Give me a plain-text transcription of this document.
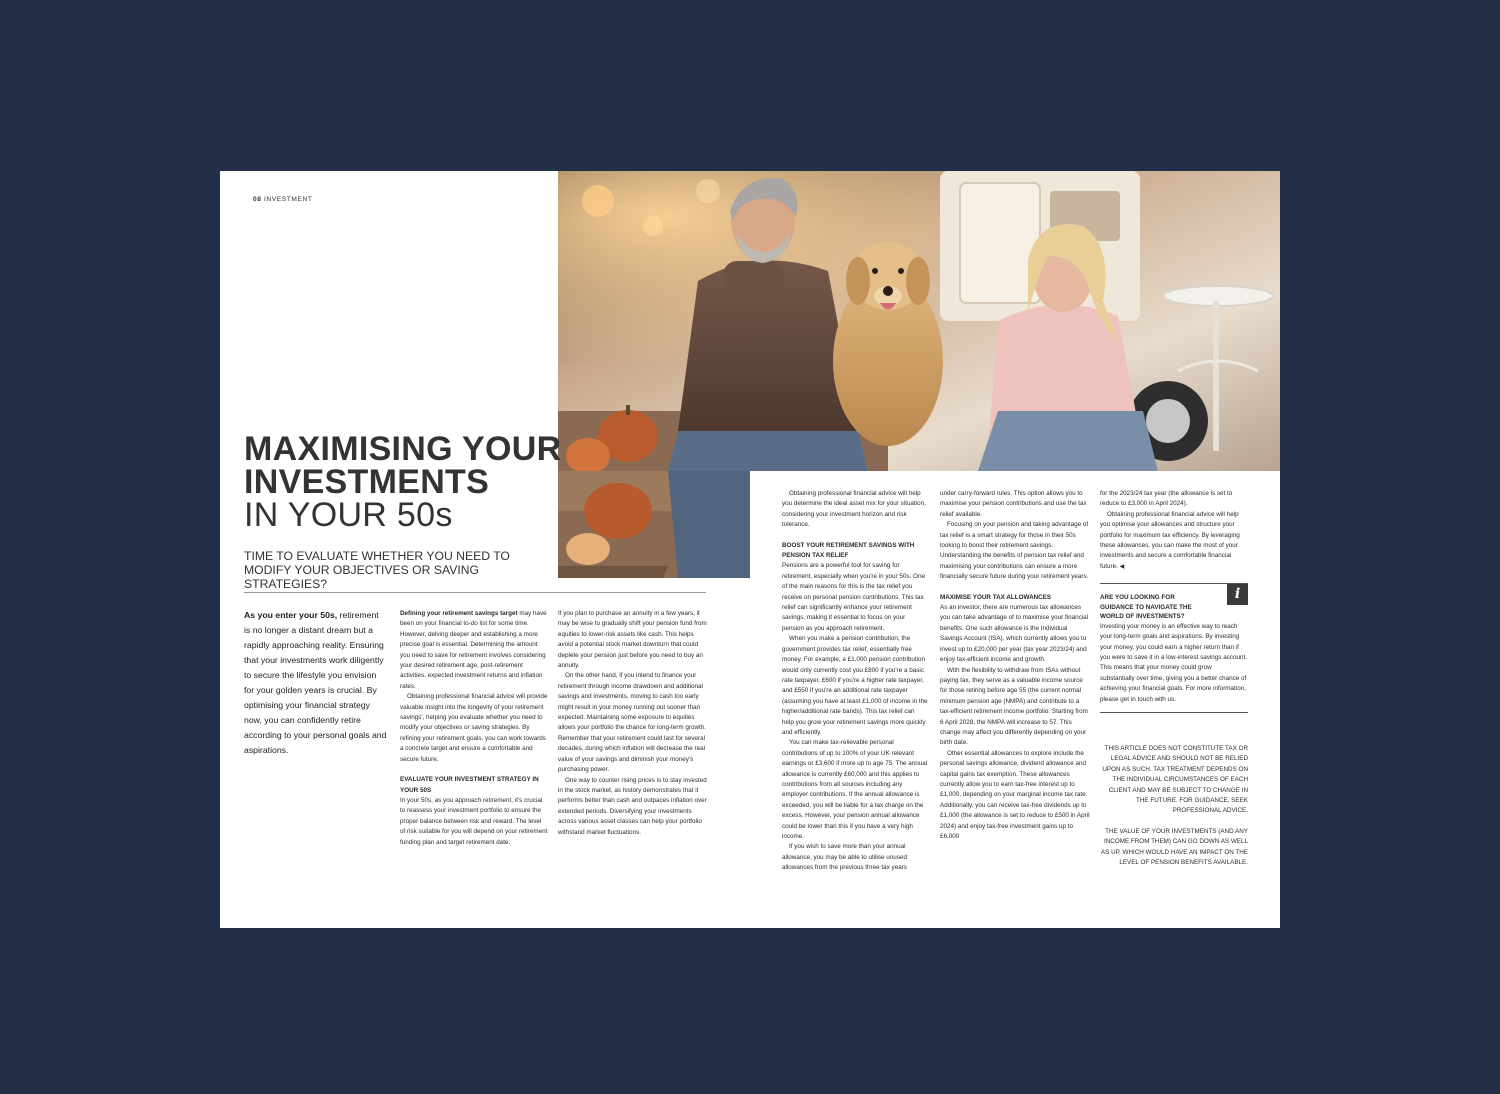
08 INVESTMENT
MAXIMISING YOUR
INVESTMENTS
IN YOUR 50s
TIME TO EVALUATE WHETHER YOU NEED TO MODIFY YOUR OBJECTIVES OR SAVING STRATEGIES?
As you enter your 50s, retirement is no longer a distant dream but a rapidly approaching reality. Ensuring that your investments work diligently to secure the lifestyle you envision for your golden years is crucial. By optimising your financial strategy now, you can confidently retire according to your personal goals and aspirations.

Defining your retirement savings target may have been on your financial to-do list for some time. However, delving deeper and establishing a more precise goal is essential. Determining the amount you need to save for retirement involves considering your desired retirement age, post-retirement activities, expected investment returns and inflation rates.

Obtaining professional financial advice will provide valuable insight into the longevity of your retirement savings', helping you evaluate whether you need to modify your objectives or saving strategies. By refining your retirement goals, you can work towards a concrete target and ensure a comfortable and secure future.

EVALUATE YOUR INVESTMENT STRATEGY IN YOUR 50S

In your 50s, as you approach retirement, it's crucial to reassess your investment portfolio to ensure the proper balance between risk and reward. The level of risk suitable for you will depend on your retirement funding plan and target retirement date.

If you plan to purchase an annuity in a few years, it may be wise to gradually shift your pension fund from equities to lower-risk assets like cash. This helps avoid a potential stock market downturn that could deplete your pension just before you need to buy an annuity.

On the other hand, if you intend to finance your retirement through income drawdown and additional savings and investments, moving to cash too early might result in your money running out sooner than expected. Maintaining some exposure to equities allows your portfolio the chance for long-term growth. Remember that your retirement could last for several decades, during which inflation will decrease the real value of your savings and diminish your money's purchasing power.

One way to counter rising prices is to stay invested in the stock market, as history demonstrates that it performs better than cash and outpaces inflation over extended periods. Diversifying your investments across various asset classes can help your portfolio withstand market fluctuations.

Obtaining professional financial advice will help you determine the ideal asset mix for your situation, considering your investment horizon and risk tolerance.

BOOST YOUR RETIREMENT SAVINGS WITH PENSION TAX RELIEF

Pensions are a powerful tool for saving for retirement, especially when you're in your 50s. One of the main reasons for this is the tax relief you receive on personal pension contributions. This tax relief can significantly enhance your retirement savings, making it essential to focus on your pension as you approach retirement.

When you make a pension contribution, the government provides tax relief, essentially free money. For example, a £1,000 pension contribution would only currently cost you £800 if you're a basic rate taxpayer, £600 if you're a higher rate taxpayer, and £550 if you're an additional rate taxpayer (assuming you have at least £1,000 of income in the higher/additional rate bands). This tax relief can help you grow your retirement savings more quickly and efficiently.

You can make tax-relievable personal contributions of up to 100% of your UK relevant earnings or £3,600 if more up to age 75. The annual allowance is currently £60,000 and this applies to contributions from all sources including any employer contributions. If the annual allowance is exceeded, you will be liable for a tax charge on the excess. However, your pension annual allowance could be lower than this if you have a very high income.

If you wish to save more than your annual allowance, you may be able to utilise unused allowances from the previous three tax years

under carry-forward rules. This option allows you to maximise your pension contributions and use the tax relief available.

Focusing on your pension and taking advantage of tax relief is a smart strategy for those in their 50s looking to boost their retirement savings. Understanding the benefits of pension tax relief and maximising your contributions can ensure a more financially secure future during your retirement years.

MAXIMISE YOUR TAX ALLOWANCES

As an investor, there are numerous tax allowances you can take advantage of to maximise your financial benefits. One such allowance is the Individual Savings Account (ISA), which currently allows you to invest up to £20,000 per year (tax year 2023/24) and enjoy tax-efficient income and growth.

With the flexibility to withdraw from ISAs without paying tax, they serve as a valuable income source for those retiring before age 55 (the current normal minimum pension age (NMPA) and contribute to a tax-efficient retirement income portfolio. Starting from 6 April 2028, the NMPA will increase to 57. This change may affect you differently depending on your birth date.

Other essential allowances to explore include the personal savings allowance, dividend allowance and capital gains tax exemption. These allowances currently allow you to earn tax-free interest up to £1,000, depending on your marginal income tax rate. Additionally, you can receive tax-free dividends up to £1,000 (the allowance is set to reduce to £500 in April 2024) and enjoy tax-free investment gains up to £6,000

for the 2023/24 tax year (the allowance is set to reduce to £3,000 in April 2024).

Obtaining professional financial advice will help you optimise your allowances and structure your portfolio for maximum tax efficiency. By leveraging these allowances, you can make the most of your investments and secure a comfortable financial future. ◀

i
ARE YOU LOOKING FOR GUIDANCE TO NAVIGATE THE WORLD OF INVESTMENTS?
Investing your money is an effective way to reach your long-term goals and aspirations. By investing your money, you could earn a higher return than if you were to save it in a low-interest savings account. This means that your money could grow substantially over time, giving you a better chance of achieving your financial goals. For more information, please get in touch with us.

THIS ARTICLE DOES NOT CONSTITUTE TAX OR LEGAL ADVICE AND SHOULD NOT BE RELIED UPON AS SUCH. TAX TREATMENT DEPENDS ON THE INDIVIDUAL CIRCUMSTANCES OF EACH CLIENT AND MAY BE SUBJECT TO CHANGE IN THE FUTURE. FOR GUIDANCE, SEEK PROFESSIONAL ADVICE.

THE VALUE OF YOUR INVESTMENTS (AND ANY INCOME FROM THEM) CAN GO DOWN AS WELL AS UP, WHICH WOULD HAVE AN IMPACT ON THE LEVEL OF PENSION BENEFITS AVAILABLE.
